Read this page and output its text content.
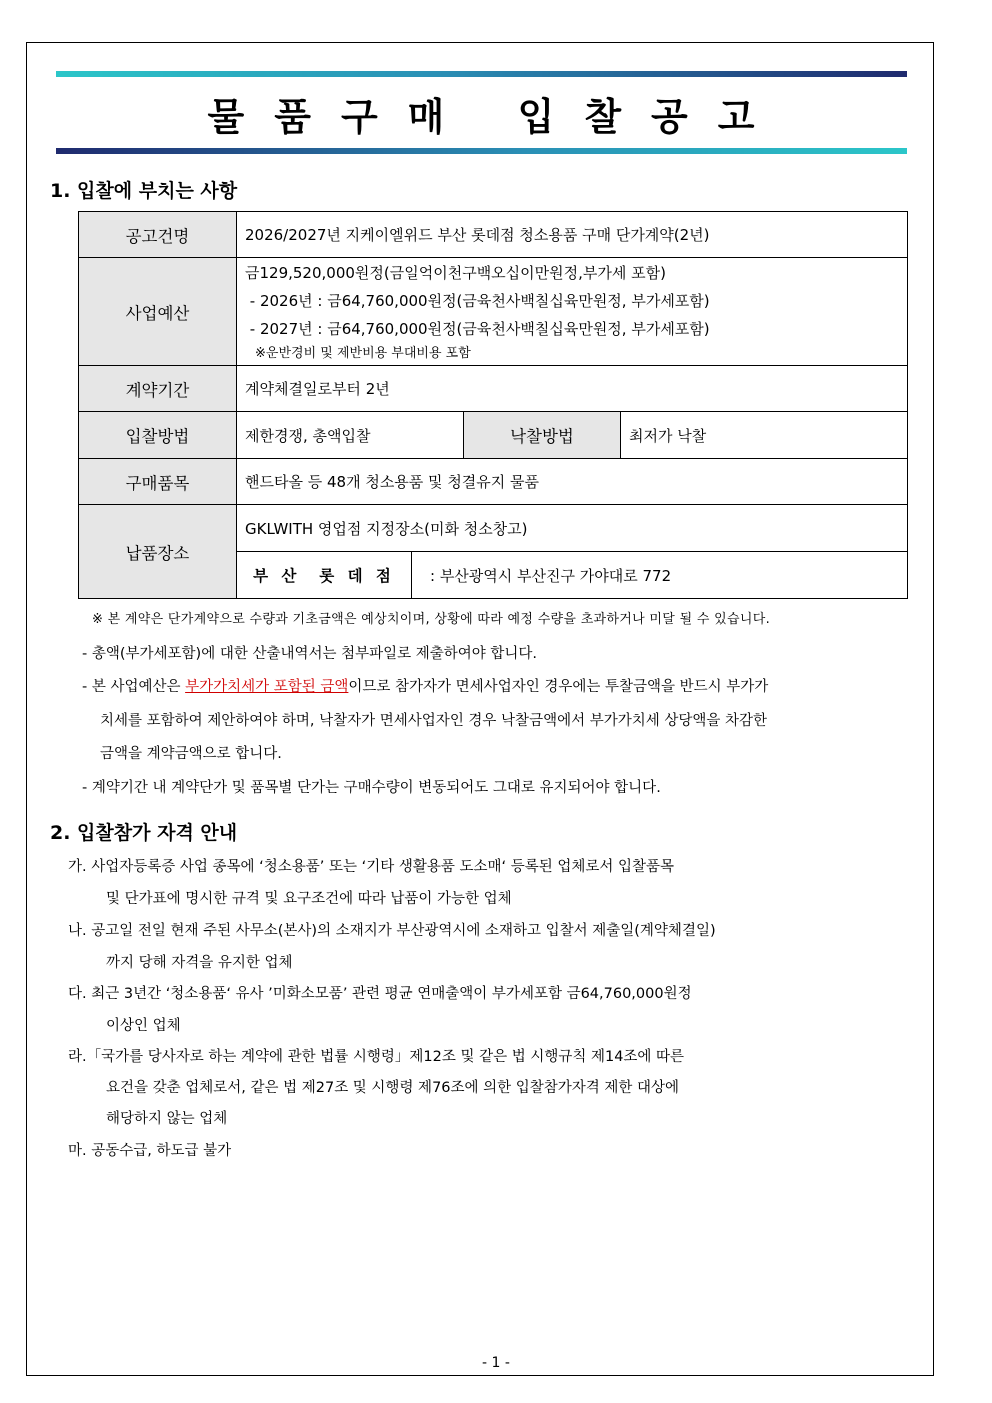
물품구매 입찰공고
1. 입찰에 부치는 사항
공고건명	2026/2027년 지케이엘위드 부산 롯데점 청소용품 구매 단가계약(2년)		
사업예산	금129,520,000원정(금일억이천구백오십이만원정,부가세 포함)
- 2026년 : 금64,760,000원정(금육천사백칠십육만원정, 부가세포함)
- 2027년 : 금64,760,000원정(금육천사백칠십육만원정, 부가세포함)
※운반경비 및 제반비용 부대비용 포함		

계약기간	계약체결일로부터 2년		
입찰방법	제한경쟁, 총액입찰	낙찰방법	최저가 낙찰
구매품목	핸드타올 등 48개 청소용품 및 청결유지 물품		
납품장소	GKLWITH 영업점 지정장소(미화 청소창고)		

부 산  롯 데 점 : 부산광역시 부산진구 가야대로 772		
※ 본 계약은 단가계약으로 수량과 기초금액은 예상치이며, 상황에 따라 예정 수량을 초과하거나 미달 될 수 있습니다.
- 총액(부가세포함)에 대한 산출내역서는 첨부파일로 제출하여야 합니다.
- 본 사업예산은 부가가치세가 포함된 금액이므로 참가자가 면세사업자인 경우에는 투찰금액을 반드시 부가가
치세를 포함하여 제안하여야 하며, 낙찰자가 면세사업자인 경우 낙찰금액에서 부가가치세 상당액을 차감한
금액을 계약금액으로 합니다.
- 계약기간 내 계약단가 및 품목별 단가는 구매수량이 변동되어도 그대로 유지되어야 합니다.
2. 입찰참가 자격 안내
가. 사업자등록증 사업 종목에 ‘청소용품’ 또는 ‘기타 생활용품 도소매‘ 등록된 업체로서 입찰품목
및 단가표에 명시한 규격 및 요구조건에 따라 납품이 가능한 업체
나. 공고일 전일 현재 주된 사무소(본사)의 소재지가 부산광역시에 소재하고 입찰서 제출일(계약체결일)
까지 당해 자격을 유지한 업체
다. 최근 3년간 ‘청소용품‘ 유사 ’미화소모품’ 관련 평균 연매출액이 부가세포함 금64,760,000원정
이상인 업체
라.「국가를 당사자로 하는 계약에 관한 법률 시행령」제12조 및 같은 법 시행규칙 제14조에 따른
요건을 갖춘 업체로서, 같은 법 제27조 및 시행령 제76조에 의한 입찰참가자격 제한 대상에
해당하지 않는 업체
마. 공동수급, 하도급 불가
- 1 -
